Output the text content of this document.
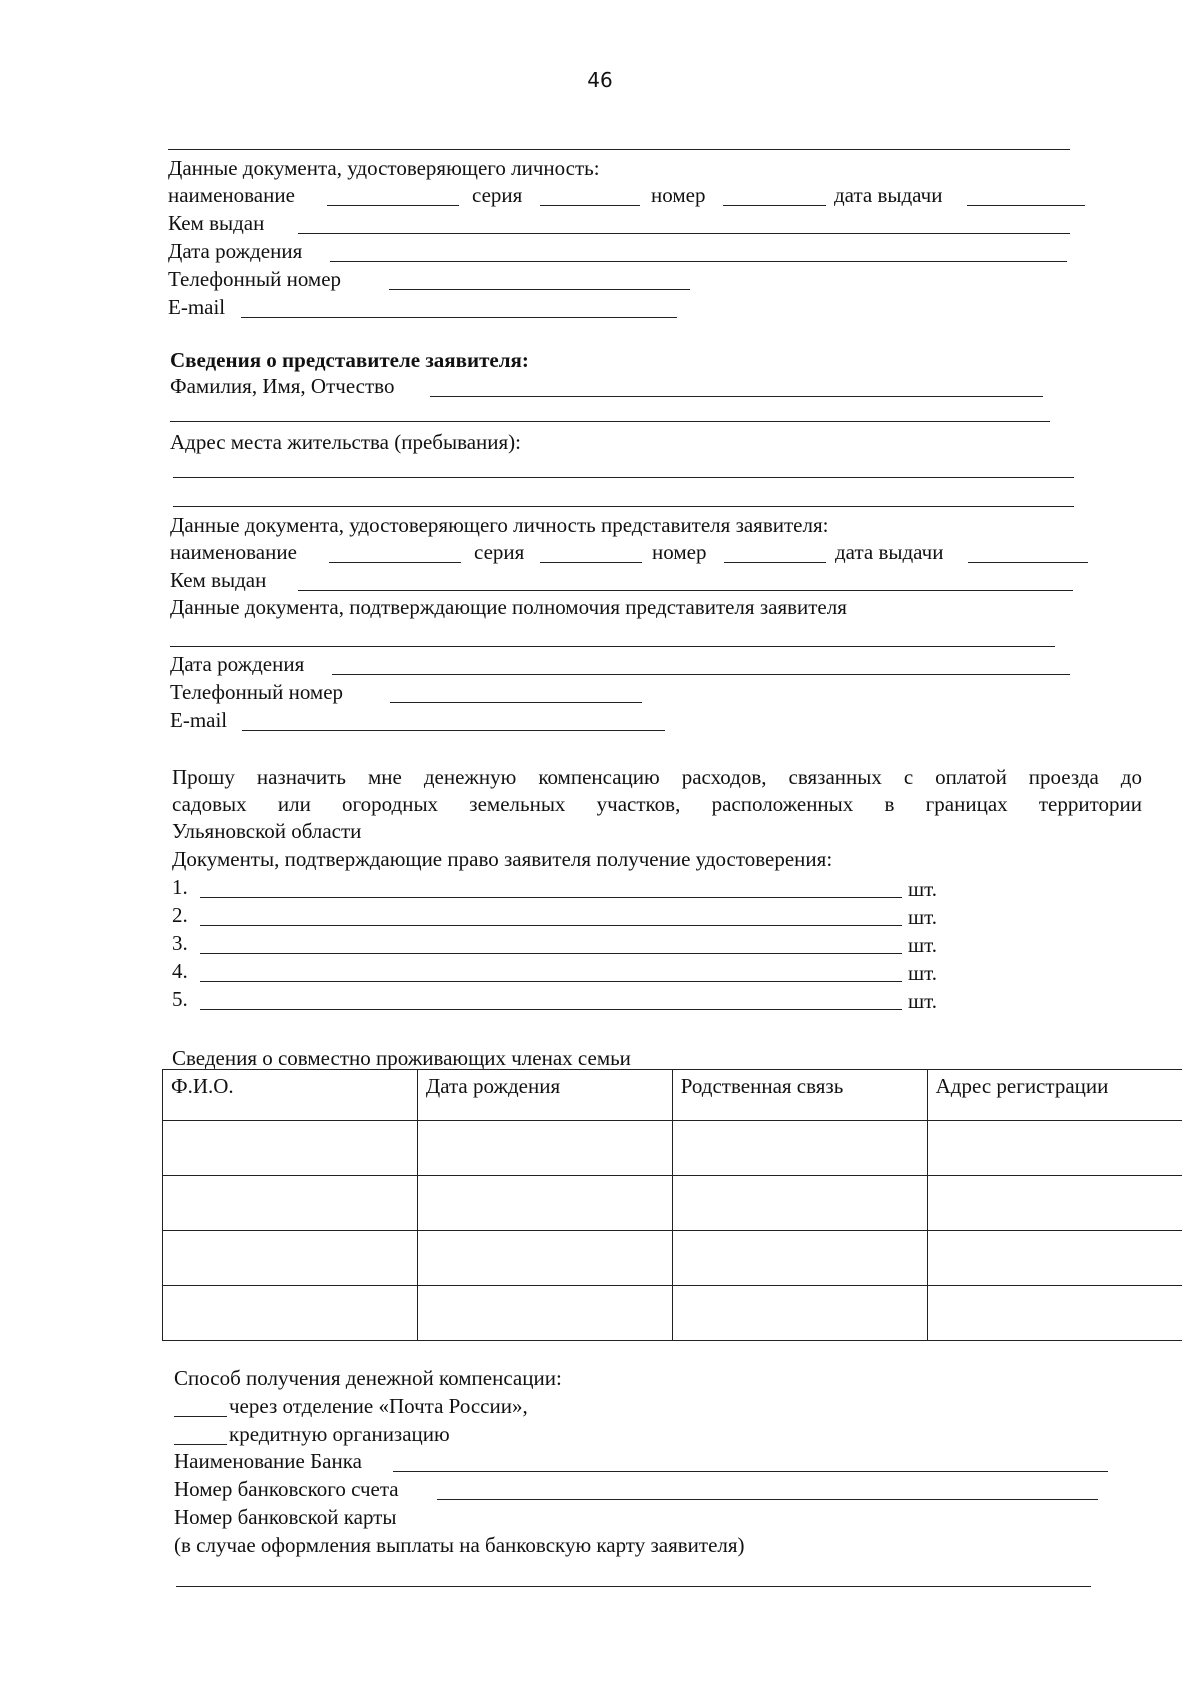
46
Данные документа, удостоверяющего личность:
наименование	серия	номер	дата выдачи
Кем выдан
Дата рождения
Телефонный номер
E-mail
Сведения о представителе заявителя:
Фамилия, Имя, Отчество
Адрес места жительства (пребывания):
Данные документа, удостоверяющего личность представителя заявителя:
наименование	серия	номер	дата выдачи
Кем выдан
Данные документа, подтверждающие полномочия представителя заявителя
Дата рождения
Телефонный номер
E-mail
Прошу назначить мне денежную компенсацию расходов, связанных с оплатой проезда до
садовых или огородных земельных участков, расположенных в границах территории
Ульяновской области
Документы, подтверждающие право заявителя получение удостоверения:
1.	шт.
2.	шт.
3.	шт.
4.	шт.
5.	шт.
Сведения о совместно проживающих членах семьи
Ф.И.О.	Дата рождения	Родственная связь	Адрес регистрации

Способ получения денежной компенсации:
через отделение «Почта России»,
кредитную организацию
Наименование Банка
Номер банковского счета
Номер банковской карты
(в случае оформления выплаты на банковскую карту заявителя)
